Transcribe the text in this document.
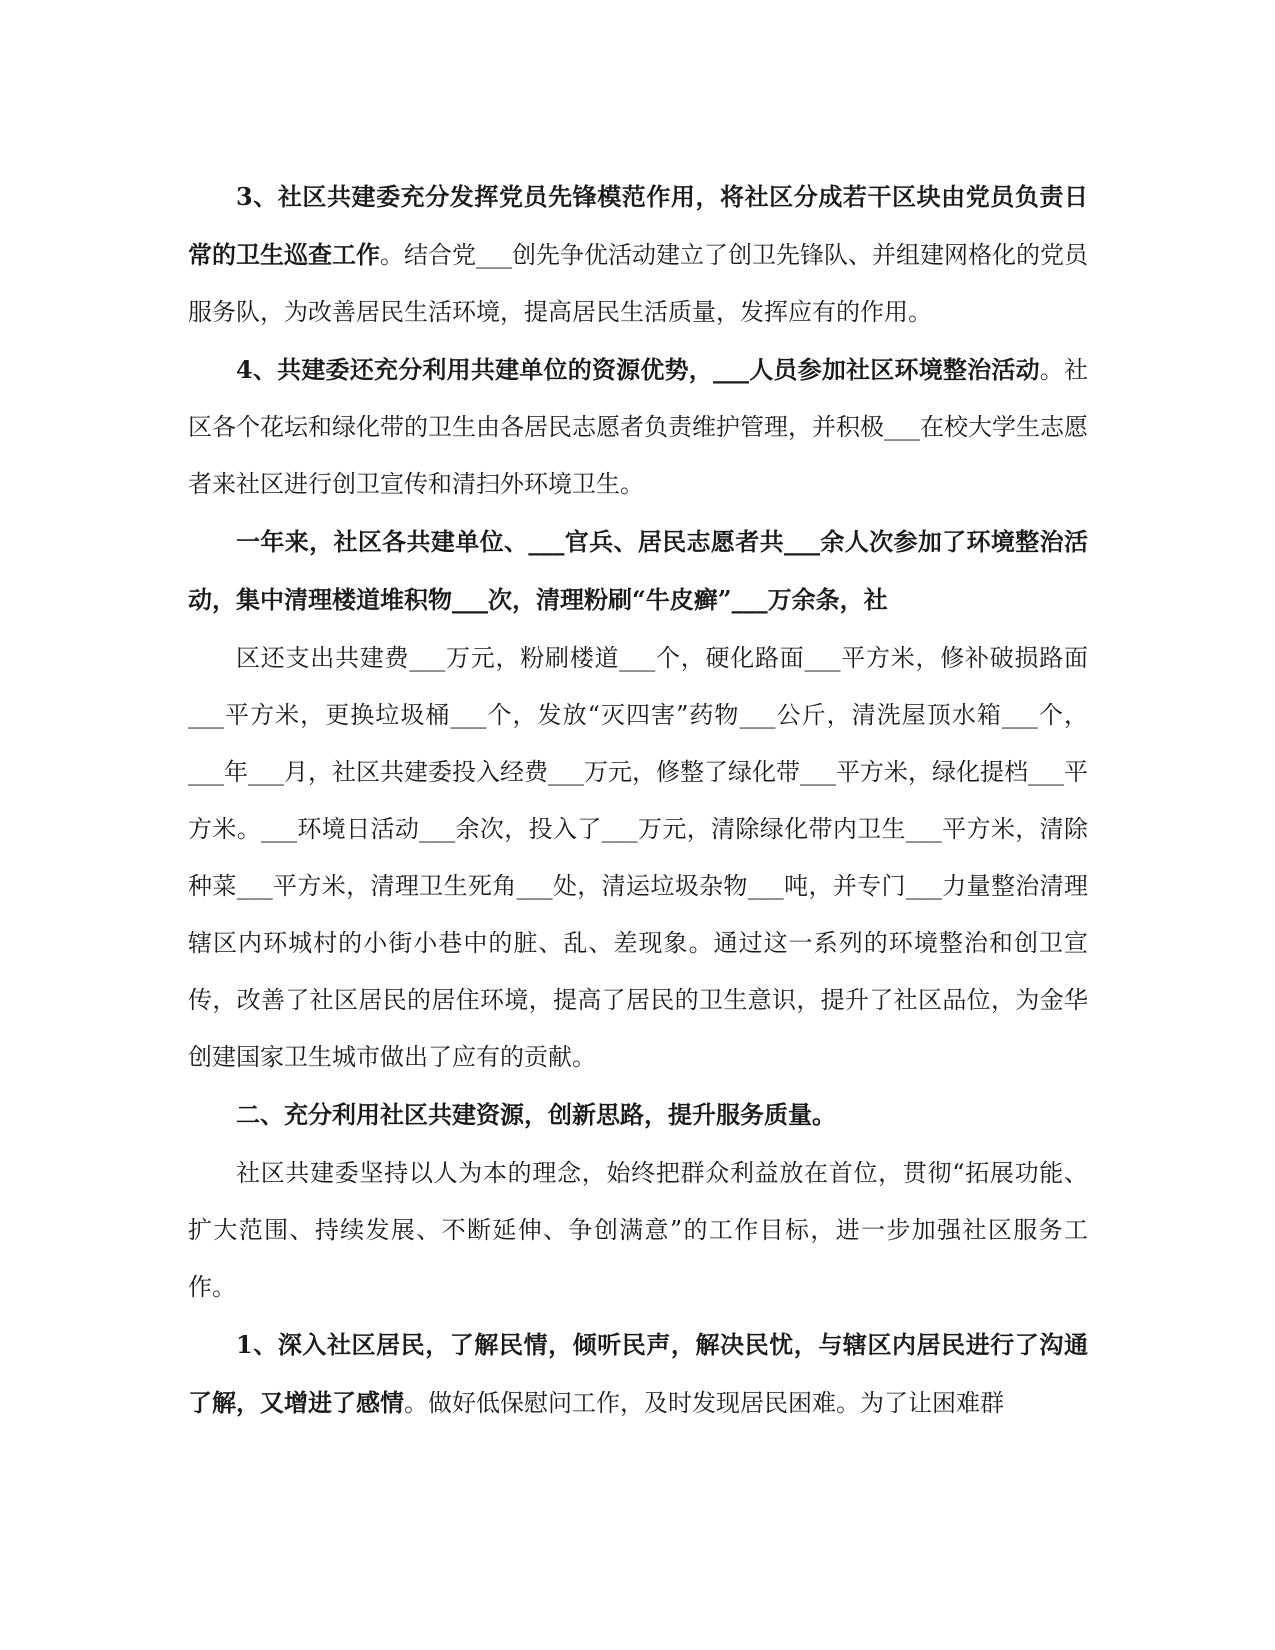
3、社区共建委充分发挥党员先锋模范作用，将社区分成若干区块由党员负责日常的卫生巡查工作。结合党___创先争优活动建立了创卫先锋队、并组建网格化的党员服务队，为改善居民生活环境，提高居民生活质量，发挥应有的作用。

4、共建委还充分利用共建单位的资源优势，___人员参加社区环境整治活动。社区各个花坛和绿化带的卫生由各居民志愿者负责维护管理，并积极___在校大学生志愿者来社区进行创卫宣传和清扫外环境卫生。

一年来，社区各共建单位、___官兵、居民志愿者共___余人次参加了环境整治活动，集中清理楼道堆积物___次，清理粉刷“牛皮癣”___万余条，社

区还支出共建费___万元，粉刷楼道___个，硬化路面___平方米，修补破损路面___平方米，更换垃圾桶___个，发放“灭四害”药物___公斤，清洗屋顶水箱___个，___年___月，社区共建委投入经费___万元，修整了绿化带___平方米，绿化提档___平方米。___环境日活动___余次，投入了___万元，清除绿化带内卫生___平方米，清除种菜___平方米，清理卫生死角___处，清运垃圾杂物___吨，并专门___力量整治清理辖区内环城村的小街小巷中的脏、乱、差现象。通过这一系列的环境整治和创卫宣传，改善了社区居民的居住环境，提高了居民的卫生意识，提升了社区品位，为金华创建国家卫生城市做出了应有的贡献。

二、充分利用社区共建资源，创新思路，提升服务质量。

社区共建委坚持以人为本的理念，始终把群众利益放在首位，贯彻“拓展功能、扩大范围、持续发展、不断延伸、争创满意”的工作目标，进一步加强社区服务工作。

1、深入社区居民，了解民情，倾听民声，解决民忧，与辖区内居民进行了沟通了解，又增进了感情。做好低保慰问工作，及时发现居民困难。为了让困难群
